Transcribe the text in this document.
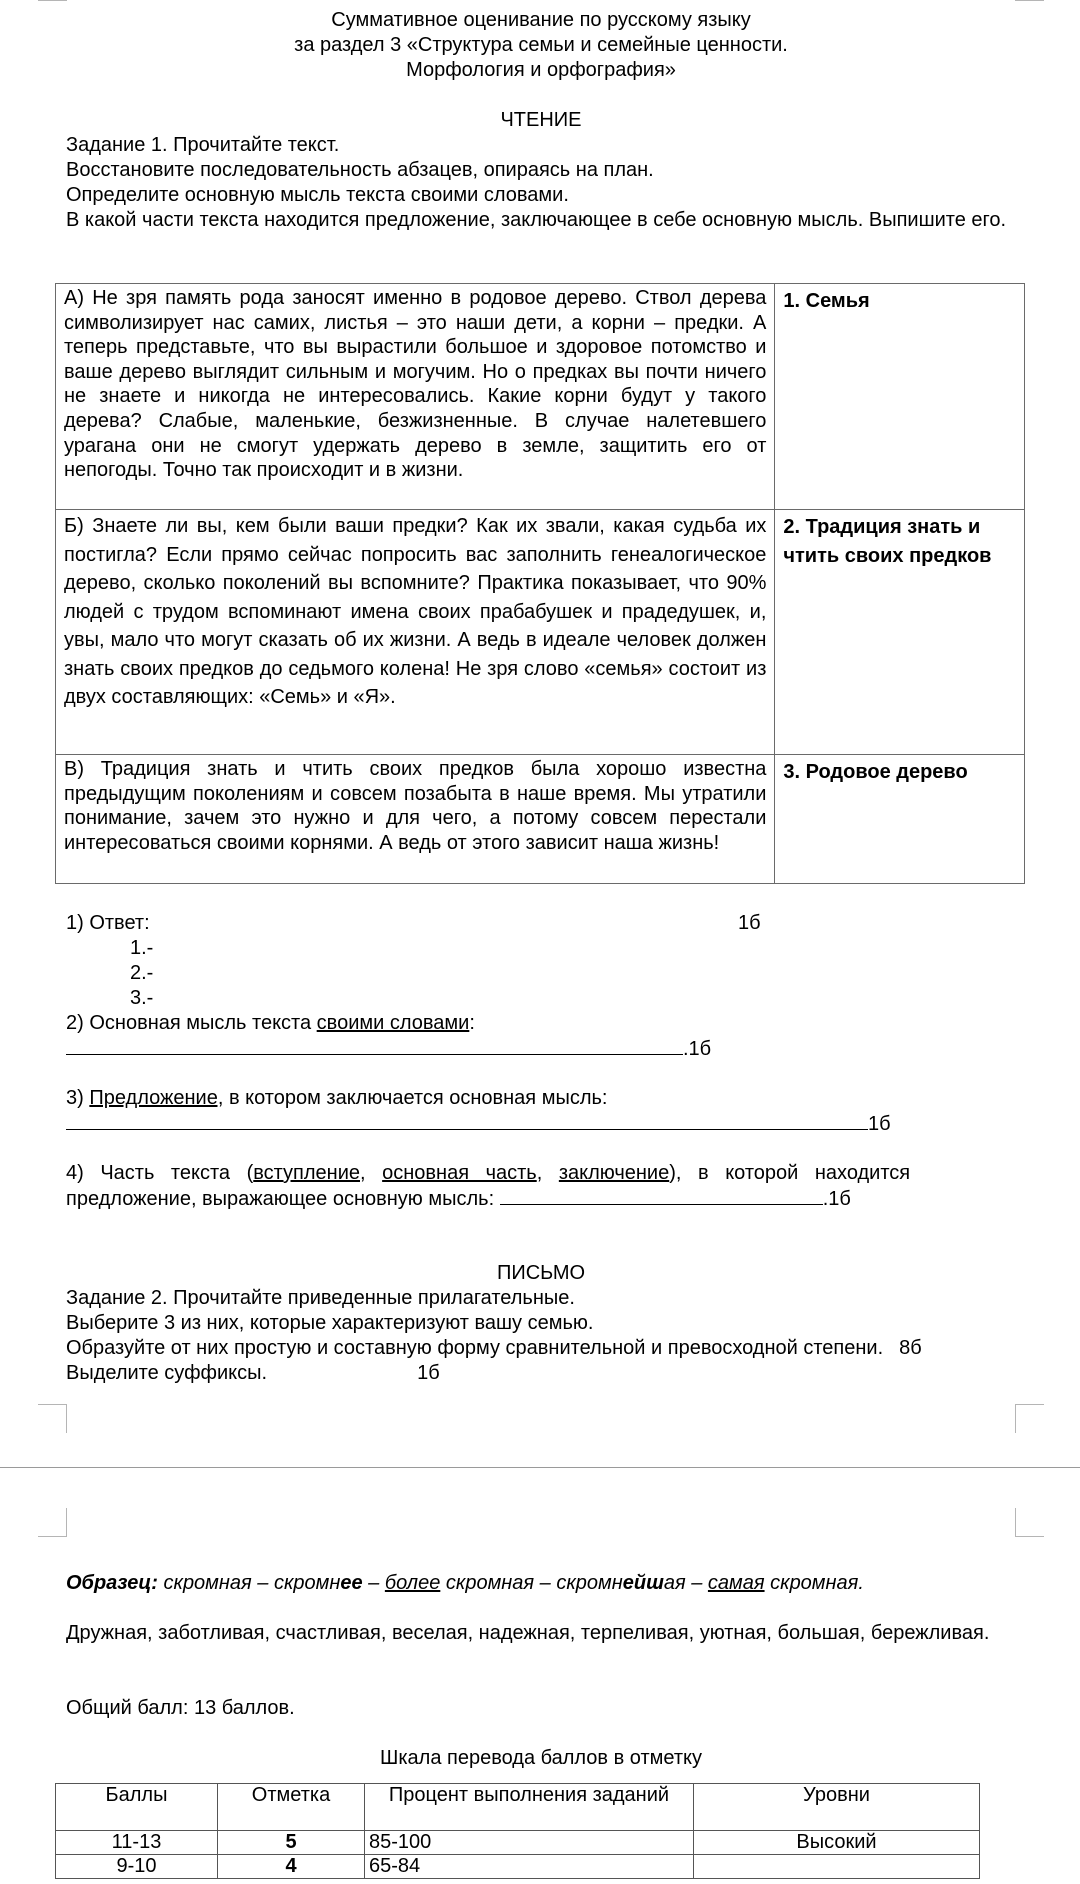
Суммативное оценивание по русскому языку
за раздел 3 «Структура семьи и семейные ценности.
Морфология и орфография»
ЧТЕНИЕ
Задание 1. Прочитайте текст.
Восстановите последовательность абзацев, опираясь на план.
Определите основную мысль текста своими словами.
В какой части текста находится предложение, заключающее в себе основную мысль. Выпишите его.
А) Не зря память рода заносят именно в родовое дерево. Ствол дерева символизирует нас самих, листья – это наши дети, а корни – предки. А теперь представьте, что вы вырастили большое и здоровое потомство и ваше дерево выглядит сильным и могучим. Но о предках вы почти ничего не знаете и никогда не интересовались. Какие корни будут у такого дерева? Слабые, маленькие, безжизненные. В случае налетевшего урагана они не смогут удержать дерево в земле, защитить его от непогоды. Точно так происходит и в жизни.	1. Семья
Б) Знаете ли вы, кем были ваши предки? Как их звали, какая судьба их постигла? Если прямо сейчас попросить вас заполнить генеалогическое дерево, сколько поколений вы вспомните? Практика показывает, что 90% людей с трудом вспоминают имена своих прабабушек и прадедушек, и, увы, мало что могут сказать об их жизни. А ведь в идеале человек должен знать своих предков до седьмого колена! Не зря слово «семья» состоит из двух составляющих: «Семь» и «Я».	2. Традиция знать и чтить своих предков
В) Традиция знать и чтить своих предков была хорошо известна предыдущим поколениям и совсем позабыта в наше время. Мы утратили понимание, зачем это нужно и для чего, а потому совсем перестали интересоваться своими корнями. А ведь от этого зависит наша жизнь!	3. Родовое дерево
1) Ответ:	1б
1.-
2.-
3.-
2) Основная мысль текста своими словами:
.1б
3) Предложение, в котором заключается основная мысль:
1б
4) Часть текста (вступление, основная часть, заключение), в которой находится
предложение, выражающее основную мысль:	.1б
ПИСЬМО
Задание 2. Прочитайте приведенные прилагательные.
Выберите 3 из них, которые характеризуют вашу семью.
Образуйте от них простую и составную форму сравнительной и превосходной степени. 8б
Выделите суффиксы.	1б
Образец: скромная – скромнее – более скромная – скромнейшая – самая скромная.
Дружная, заботливая, счастливая, веселая, надежная, терпеливая, уютная, большая, бережливая.
Общий балл: 13 баллов.
Шкала перевода баллов в отметку
Баллы	Отметка	Процент выполнения заданий	Уровни
11-13	5	85-100	Высокий
9-10	4	65-84	
